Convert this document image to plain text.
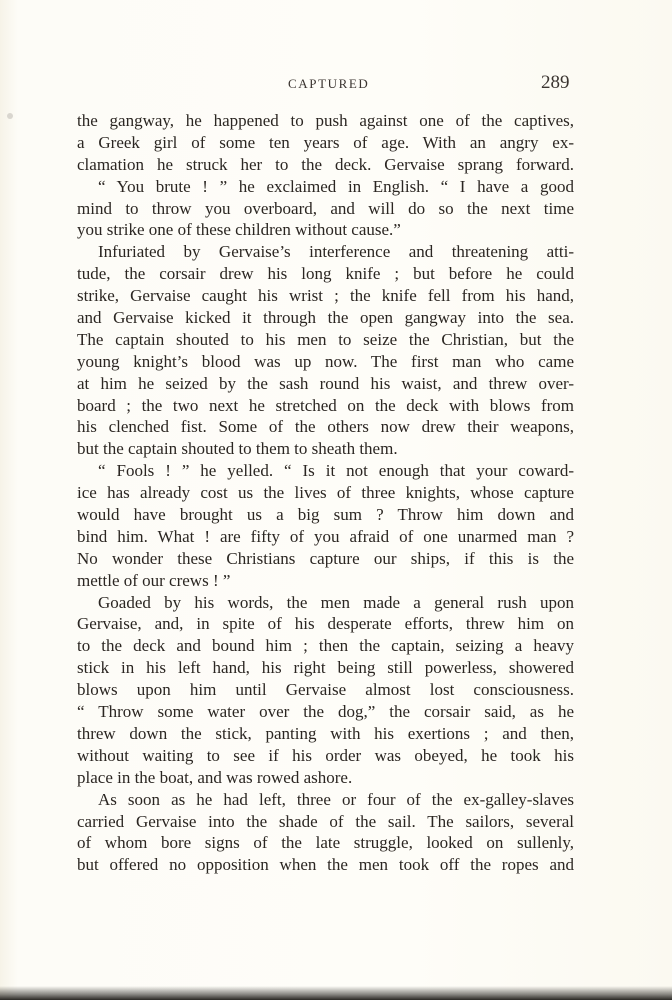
CAPTURED	289
the gangway, he happened to push against one of the captives,
a Greek girl of some ten years of age. With an angry ex-
clamation he struck her to the deck. Gervaise sprang forward.
“ You brute ! ” he exclaimed in English. “ I have a good
mind to throw you overboard, and will do so the next time
you strike one of these children without cause.”
Infuriated by Gervaise’s interference and threatening atti-
tude, the corsair drew his long knife ; but before he could
strike, Gervaise caught his wrist ; the knife fell from his hand,
and Gervaise kicked it through the open gangway into the sea.
The captain shouted to his men to seize the Christian, but the
young knight’s blood was up now. The first man who came
at him he seized by the sash round his waist, and threw over-
board ; the two next he stretched on the deck with blows from
his clenched fist. Some of the others now drew their weapons,
but the captain shouted to them to sheath them.
“ Fools ! ” he yelled. “ Is it not enough that your coward-
ice has already cost us the lives of three knights, whose capture
would have brought us a big sum ? Throw him down and
bind him. What ! are fifty of you afraid of one unarmed man ?
No wonder these Christians capture our ships, if this is the
mettle of our crews ! ”
Goaded by his words, the men made a general rush upon
Gervaise, and, in spite of his desperate efforts, threw him on
to the deck and bound him ; then the captain, seizing a heavy
stick in his left hand, his right being still powerless, showered
blows upon him until Gervaise almost lost consciousness.
“ Throw some water over the dog,” the corsair said, as he
threw down the stick, panting with his exertions ; and then,
without waiting to see if his order was obeyed, he took his
place in the boat, and was rowed ashore.
As soon as he had left, three or four of the ex-galley-slaves
carried Gervaise into the shade of the sail. The sailors, several
of whom bore signs of the late struggle, looked on sullenly,
but offered no opposition when the men took off the ropes and
